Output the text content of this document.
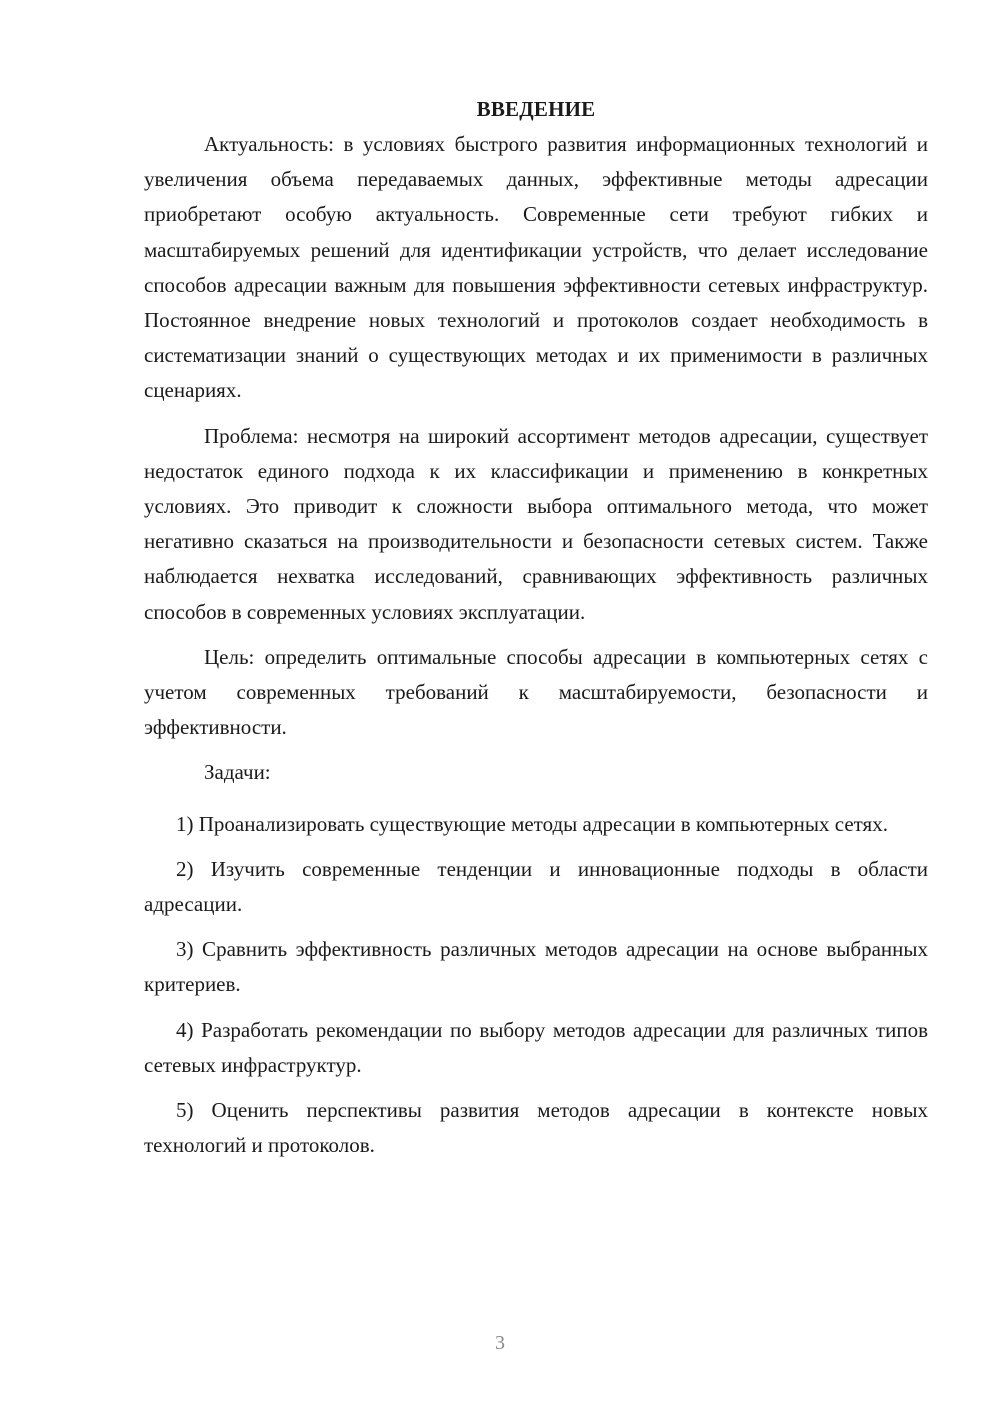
ВВЕДЕНИЕ

Актуальность: в условиях быстрого развития информационных технологий и увеличения объема передаваемых данных, эффективные методы адресации приобретают особую актуальность. Современные сети требуют гибких и масштабируемых решений для идентификации устройств, что делает исследование способов адресации важным для повышения эффективности сетевых инфраструктур. Постоянное внедрение новых технологий и протоколов создает необходимость в систематизации знаний о существующих методах и их применимости в различных сценариях.

Проблема: несмотря на широкий ассортимент методов адресации, существует недостаток единого подхода к их классификации и применению в конкретных условиях. Это приводит к сложности выбора оптимального метода, что может негативно сказаться на производительности и безопасности сетевых систем. Также наблюдается нехватка исследований, сравнивающих эффективность различных способов в современных условиях эксплуатации.

Цель: определить оптимальные способы адресации в компьютерных сетях с учетом современных требований к масштабируемости, безопасности и эффективности.

Задачи:

1) Проанализировать существующие методы адресации в компьютерных сетях.

2) Изучить современные тенденции и инновационные подходы в области адресации.

3) Сравнить эффективность различных методов адресации на основе выбранных критериев.

4) Разработать рекомендации по выбору методов адресации для различных типов сетевых инфраструктур.

5) Оценить перспективы развития методов адресации в контексте новых технологий и протоколов.

3
